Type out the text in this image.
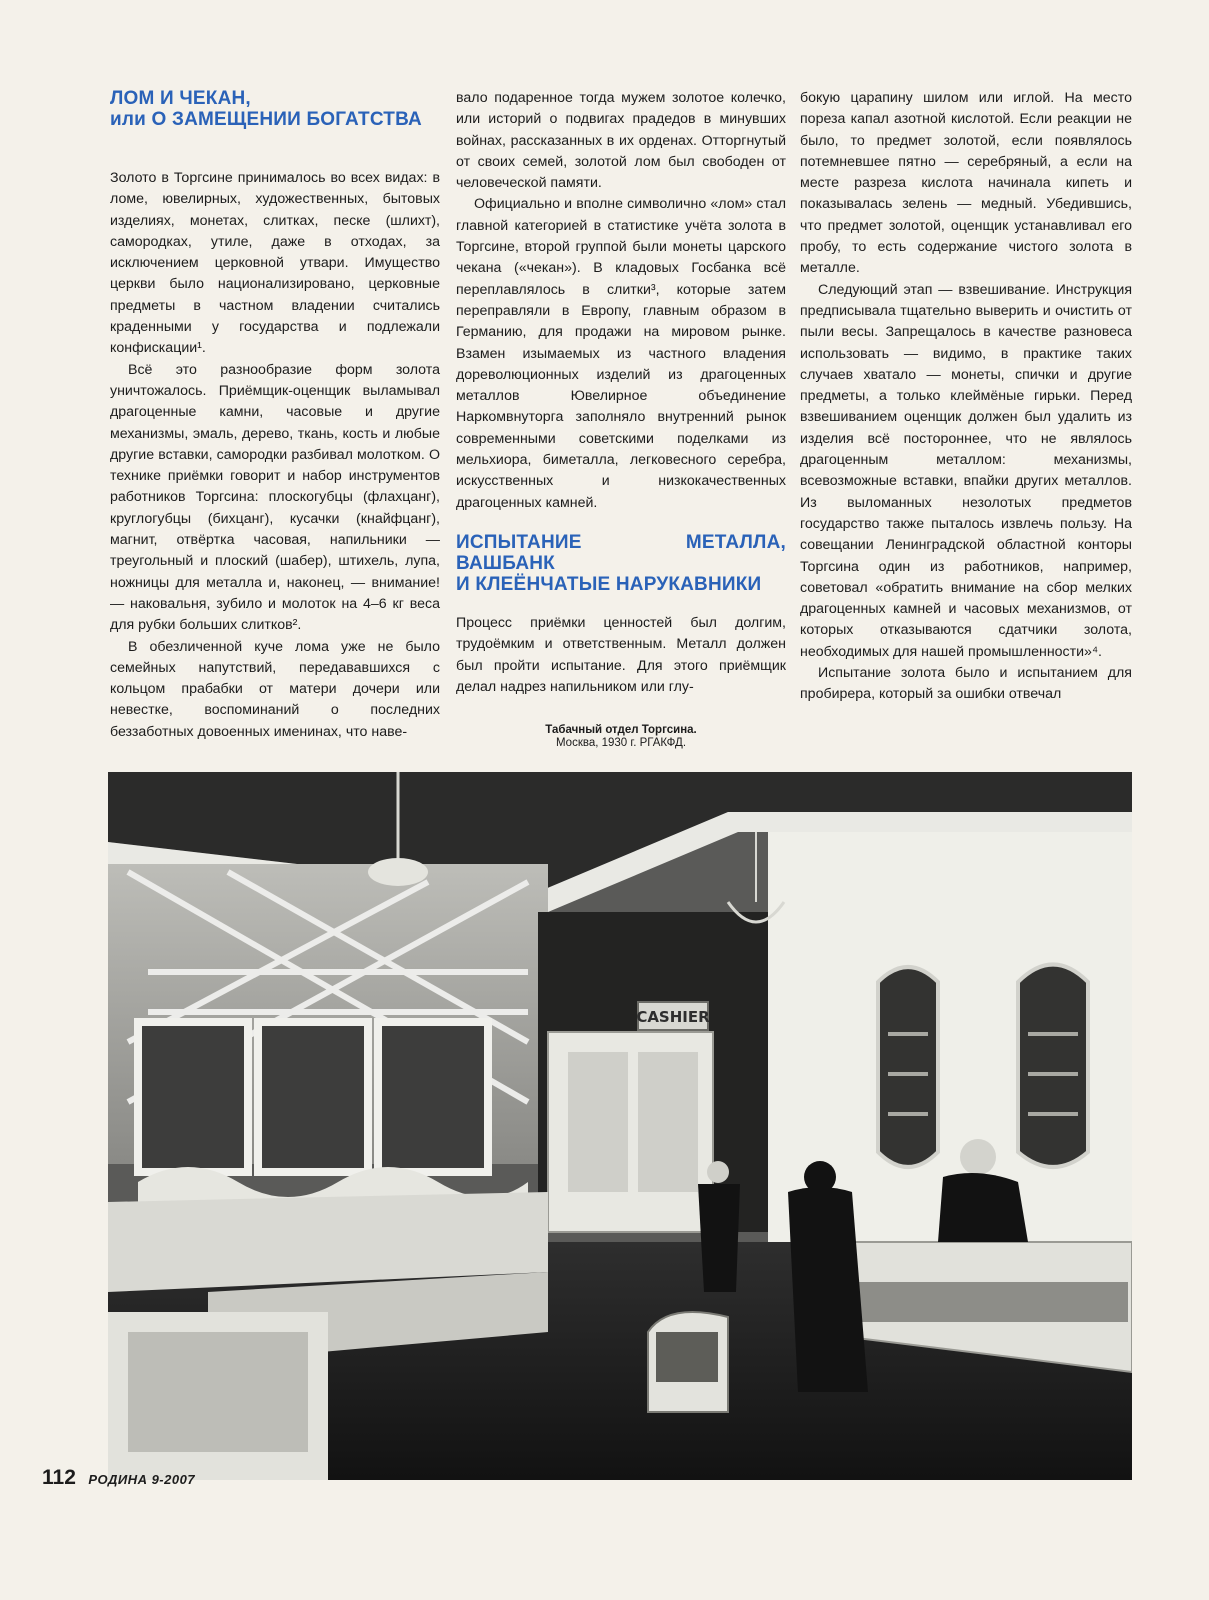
ЛОМ И ЧЕКАН,
или О ЗАМЕЩЕНИИ БОГАТСТВА

Золото в Торгсине принималось во всех видах: в ломе, ювелирных, художественных, бытовых изделиях, монетах, слитках, песке (шлихт), самородках, утиле, даже в отходах, за исключением церковной утвари. Имущество церкви было национализировано, церковные предметы в частном владении считались краденными у государства и подлежали конфискации¹.

Всё это разнообразие форм золота уничтожалось. Приёмщик-оценщик выламывал драгоценные камни, часовые и другие механизмы, эмаль, дерево, ткань, кость и любые другие вставки, самородки разбивал молотком. О технике приёмки говорит и набор инструментов работников Торгсина: плоскогубцы (флахцанг), круглогубцы (бихцанг), кусачки (кнайфцанг), магнит, отвёртка часовая, напильники — треугольный и плоский (шабер), штихель, лупа, ножницы для металла и, наконец, — внимание! — наковальня, зубило и молоток на 4–6 кг веса для рубки больших слитков².

В обезличенной куче лома уже не было семейных напутствий, передававшихся с кольцом прабабки от матери дочери или невестке, воспоминаний о последних беззаботных довоенных именинах, что наве-

вало подаренное тогда мужем золотое колечко, или историй о подвигах прадедов в минувших войнах, рассказанных в их орденах. Отторгнутый от своих семей, золотой лом был свободен от человеческой памяти.

Официально и вполне символично «лом» стал главной категорией в статистике учёта золота в Торгсине, второй группой были монеты царского чекана («чекан»). В кладовых Госбанка всё переплавлялось в слитки³, которые затем переправляли в Европу, главным образом в Германию, для продажи на мировом рынке. Взамен изымаемых из частного владения дореволюционных изделий из драгоценных металлов Ювелирное объединение Наркомвнуторга заполняло внутренний рынок современными советскими поделками из мельхиора, биметалла, легковесного серебра, искусственных и низкокачественных драгоценных камней.

ИСПЫТАНИЕ МЕТАЛЛА, ВАШБАНК
И КЛЕЁНЧАТЫЕ НАРУКАВНИКИ

Процесс приёмки ценностей был долгим, трудоёмким и ответственным. Металл должен был пройти испытание. Для этого приёмщик делал надрез напильником или глу-

бокую царапину шилом или иглой. На место пореза капал азотной кислотой. Если реакции не было, то предмет золотой, если появлялось потемневшее пятно — серебряный, а если на месте разреза кислота начинала кипеть и показывалась зелень — медный. Убедившись, что предмет золотой, оценщик устанавливал его пробу, то есть содержание чистого золота в металле.

Следующий этап — взвешивание. Инструкция предписывала тщательно выверить и очистить от пыли весы. Запрещалось в качестве разновеса использовать — видимо, в практике таких случаев хватало — монеты, спички и другие предметы, а только клеймёные гирьки. Перед взвешиванием оценщик должен был удалить из изделия всё постороннее, что не являлось драгоценным металлом: механизмы, всевозможные вставки, впайки других металлов. Из выломанных незолотых предметов государство также пыталось извлечь пользу. На совещании Ленинградской областной конторы Торгсина один из работников, например, советовал «обратить внимание на сбор мелких драгоценных камней и часовых механизмов, от которых отказываются сдатчики золота, необходимых для нашей промышленности»⁴.

Испытание золота было и испытанием для пробирера, который за ошибки отвечал

Табачный отдел Торгсина.
Москва, 1930 г. РГАКФД.
CASHIER
112 РОДИНА 9-2007
